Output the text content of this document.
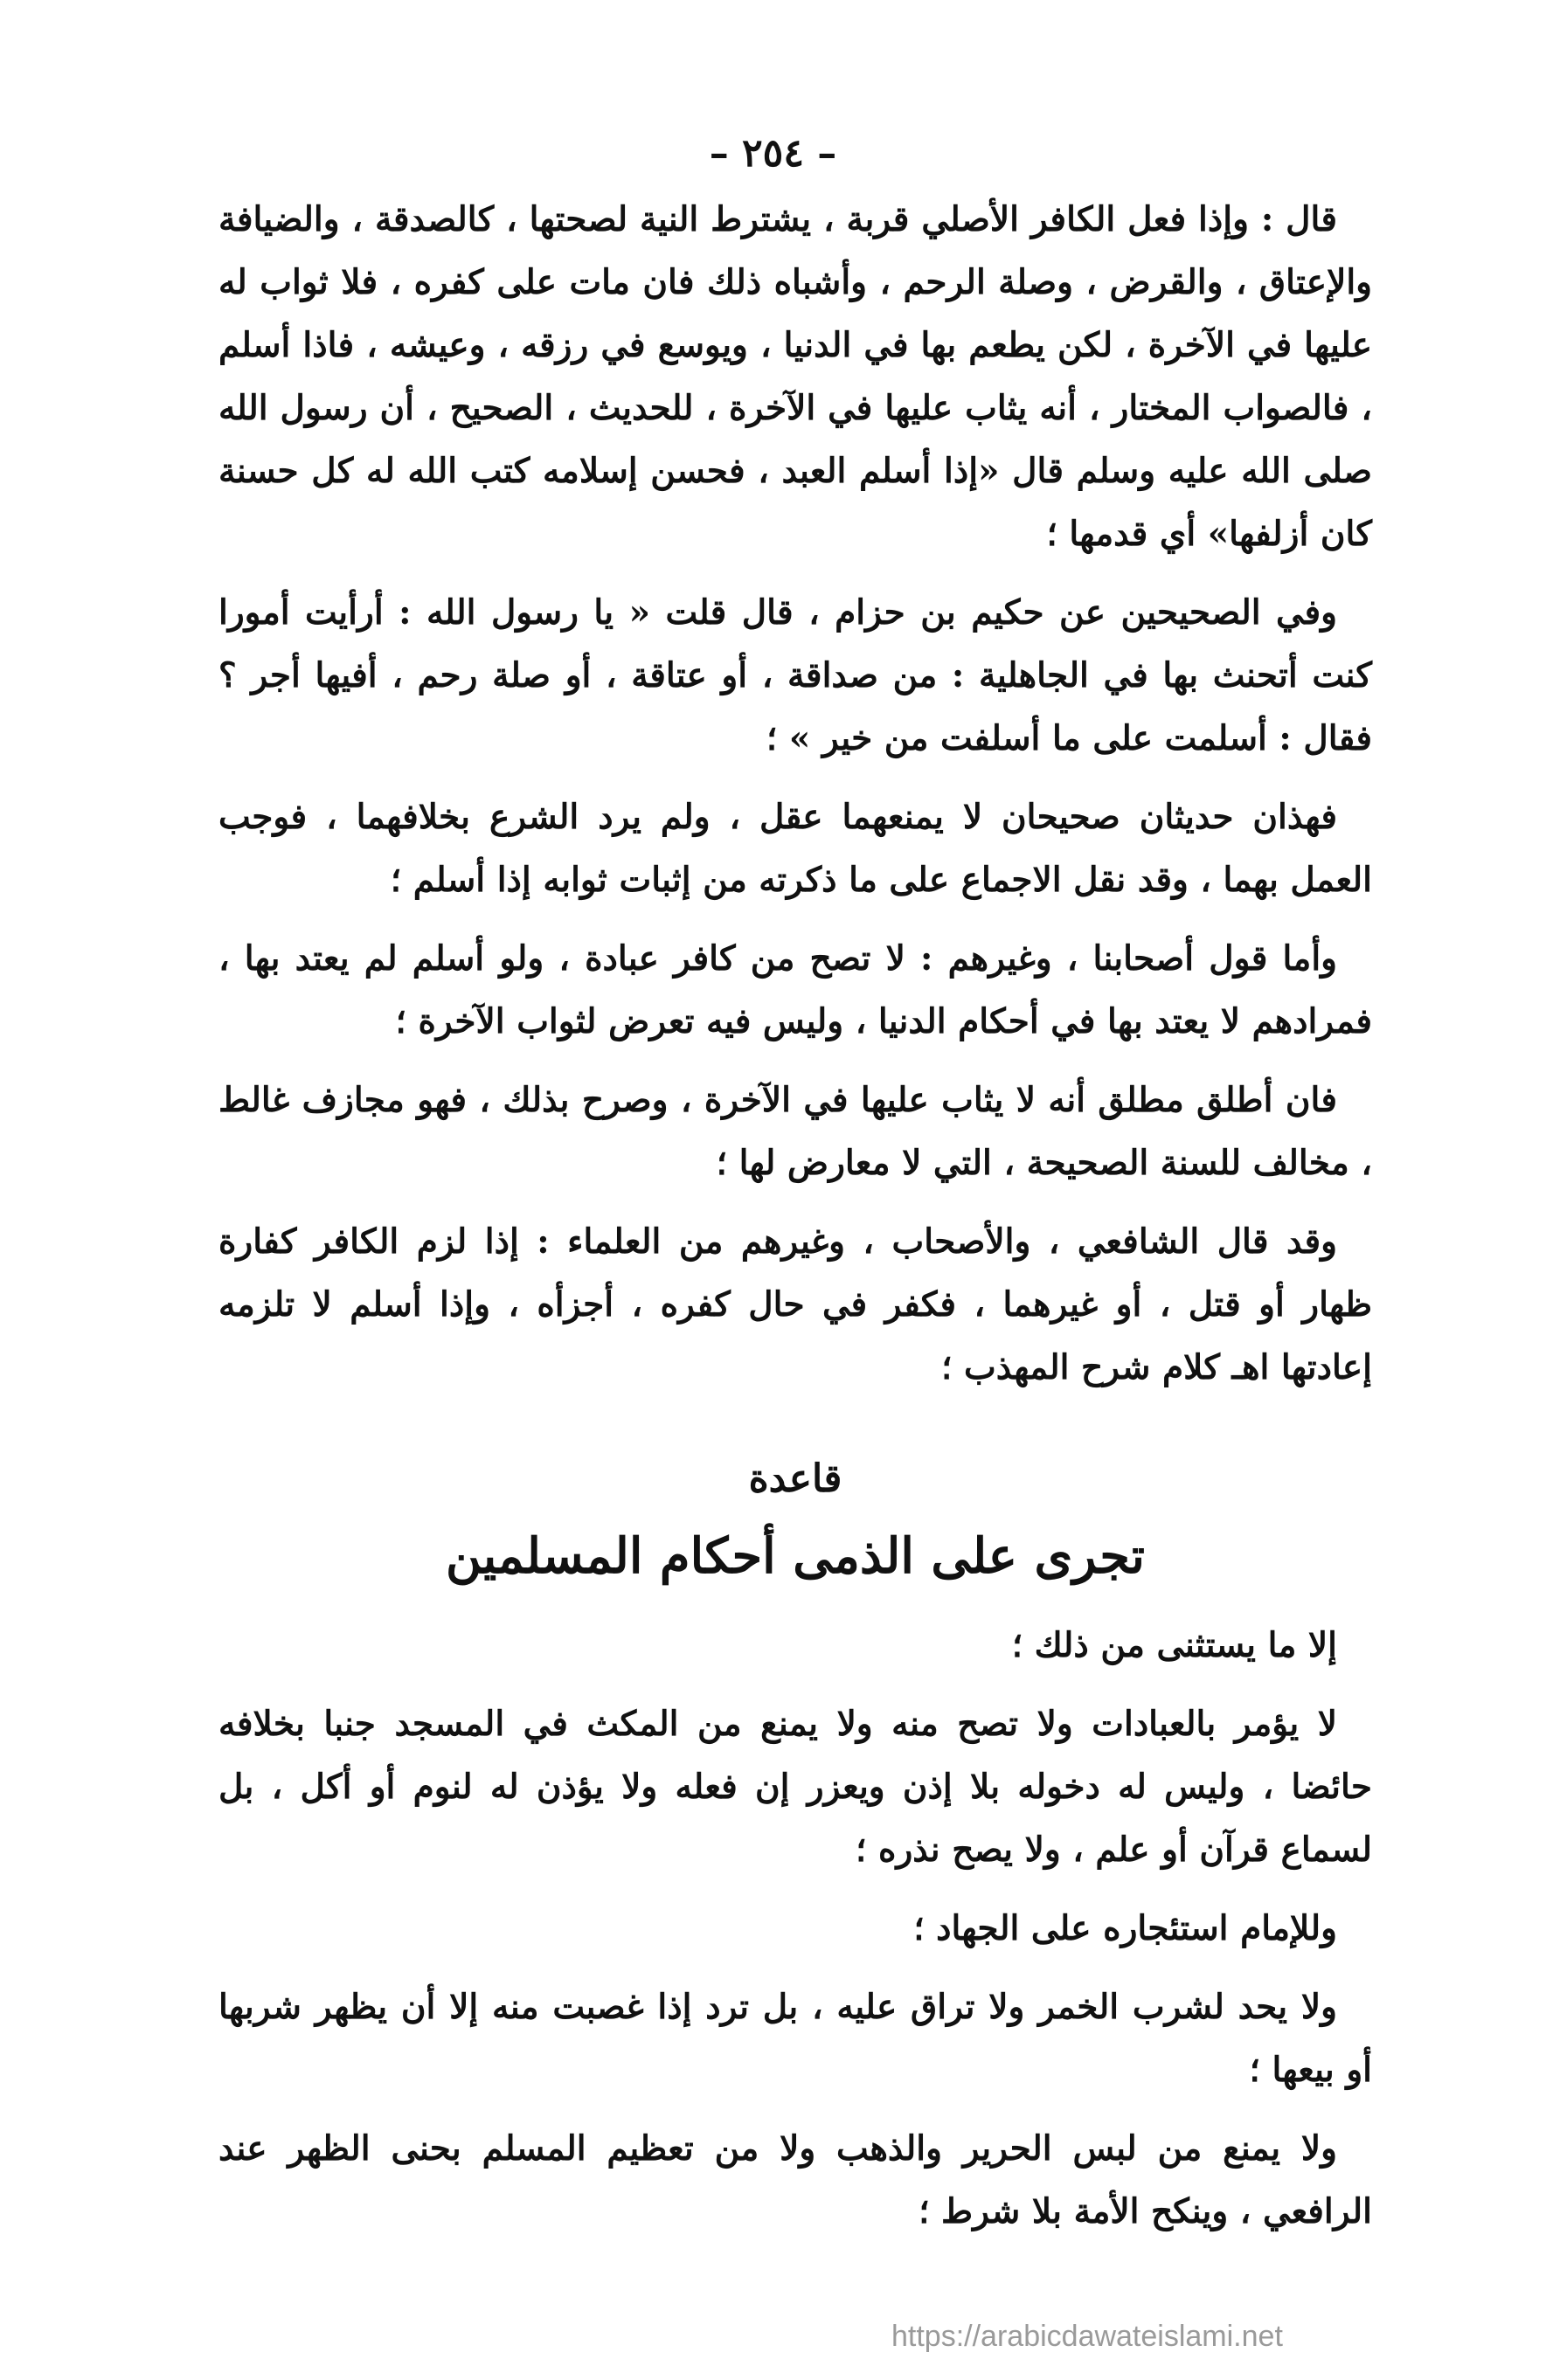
– ٢٥٤ –

قال : وإذا فعل الكافر الأصلي قربة ، يشترط النية لصحتها ، كالصدقة ، والضيافة والإعتاق ، والقرض ، وصلة الرحم ، وأشباه ذلك فان مات على كفره ، فلا ثواب له عليها في الآخرة ، لكن يطعم بها في الدنيا ، ويوسع في رزقه ، وعيشه ، فاذا أسلم ، فالصواب المختار ، أنه يثاب عليها في الآخرة ، للحديث ، الصحيح ، أن رسول الله صلى الله عليه وسلم قال «إذا أسلم العبد ، فحسن إسلامه كتب الله له كل حسنة كان أزلفها» أي قدمها ؛

وفي الصحيحين عن حكيم بن حزام ، قال قلت « يا رسول الله : أرأيت أمورا كنت أتحنث بها في الجاهلية : من صداقة ، أو عتاقة ، أو صلة رحم ، أفيها أجر ؟ فقال : أسلمت على ما أسلفت من خير » ؛

فهذان حديثان صحيحان لا يمنعهما عقل ، ولم يرد الشرع بخلافهما ، فوجب العمل بهما ، وقد نقل الاجماع على ما ذكرته من إثبات ثوابه إذا أسلم ؛

وأما قول أصحابنا ، وغيرهم : لا تصح من كافر عبادة ، ولو أسلم لم يعتد بها ، فمرادهم لا يعتد بها في أحكام الدنيا ، وليس فيه تعرض لثواب الآخرة ؛

فان أطلق مطلق أنه لا يثاب عليها في الآخرة ، وصرح بذلك ، فهو مجازف غالط ، مخالف للسنة الصحيحة ، التي لا معارض لها ؛

وقد قال الشافعي ، والأصحاب ، وغيرهم من العلماء : إذا لزم الكافر كفارة ظهار أو قتل ، أو غيرهما ، فكفر في حال كفره ، أجزأه ، وإذا أسلم لا تلزمه إعادتها اهـ كلام شرح المهذب ؛

قاعدة
تجرى على الذمى أحكام المسلمين

إلا ما يستثنى من ذلك ؛

لا يؤمر بالعبادات ولا تصح منه ولا يمنع من المكث في المسجد جنبا بخلافه حائضا ، وليس له دخوله بلا إذن ويعزر إن فعله ولا يؤذن له لنوم أو أكل ، بل لسماع قرآن أو علم ، ولا يصح نذره ؛

وللإمام استئجاره على الجهاد ؛

ولا يحد لشرب الخمر ولا تراق عليه ، بل ترد إذا غصبت منه إلا أن يظهر شربها أو بيعها ؛

ولا يمنع من لبس الحرير والذهب ولا من تعظيم المسلم بحنى الظهر عند الرافعي ، وينكح الأمة بلا شرط ؛

https://arabicdawateislami.net
